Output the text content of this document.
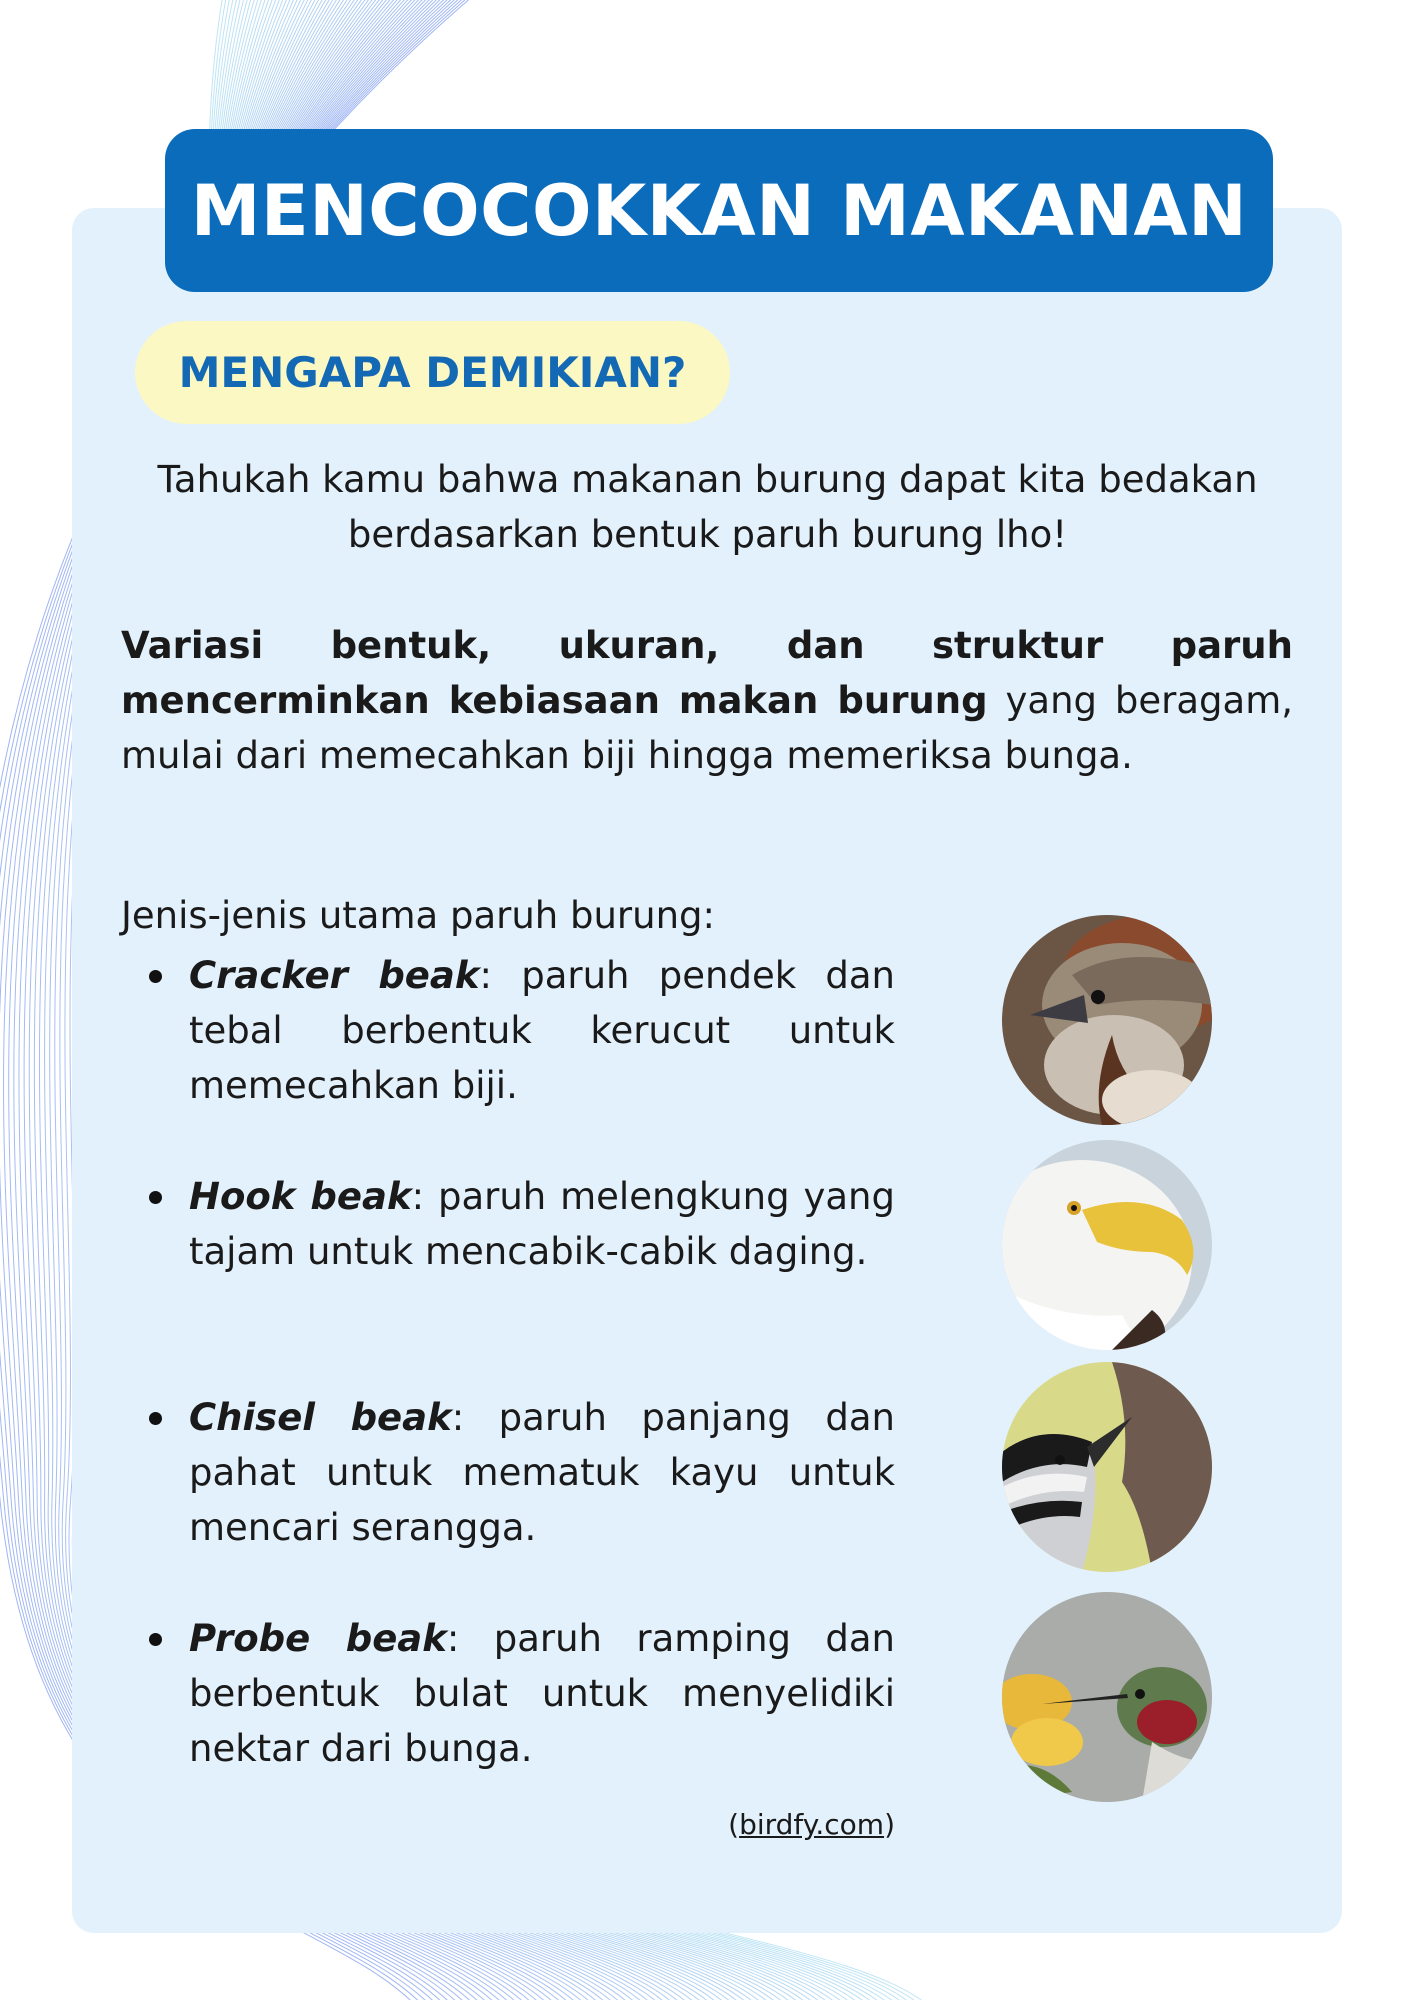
MENCOCOKKAN MAKANAN
MENGAPA DEMIKIAN?

Tahukah kamu bahwa makanan burung dapat kita bedakan berdasarkan bentuk paruh burung lho!

Variasi bentuk, ukuran, dan struktur paruh mencerminkan kebiasaan makan burung yang beragam, mulai dari memecahkan biji hingga memeriksa bunga.

Jenis-jenis utama paruh burung:

Cracker beak: paruh pendek dan tebal berbentuk kerucut untuk memecahkan biji.

Hook beak: paruh melengkung yang tajam untuk mencabik-cabik daging.

Chisel beak: paruh panjang dan pahat untuk mematuk kayu untuk mencari serangga.

Probe beak: paruh ramping dan berbentuk bulat untuk menyelidiki nektar dari bunga.

(birdfy.com)
